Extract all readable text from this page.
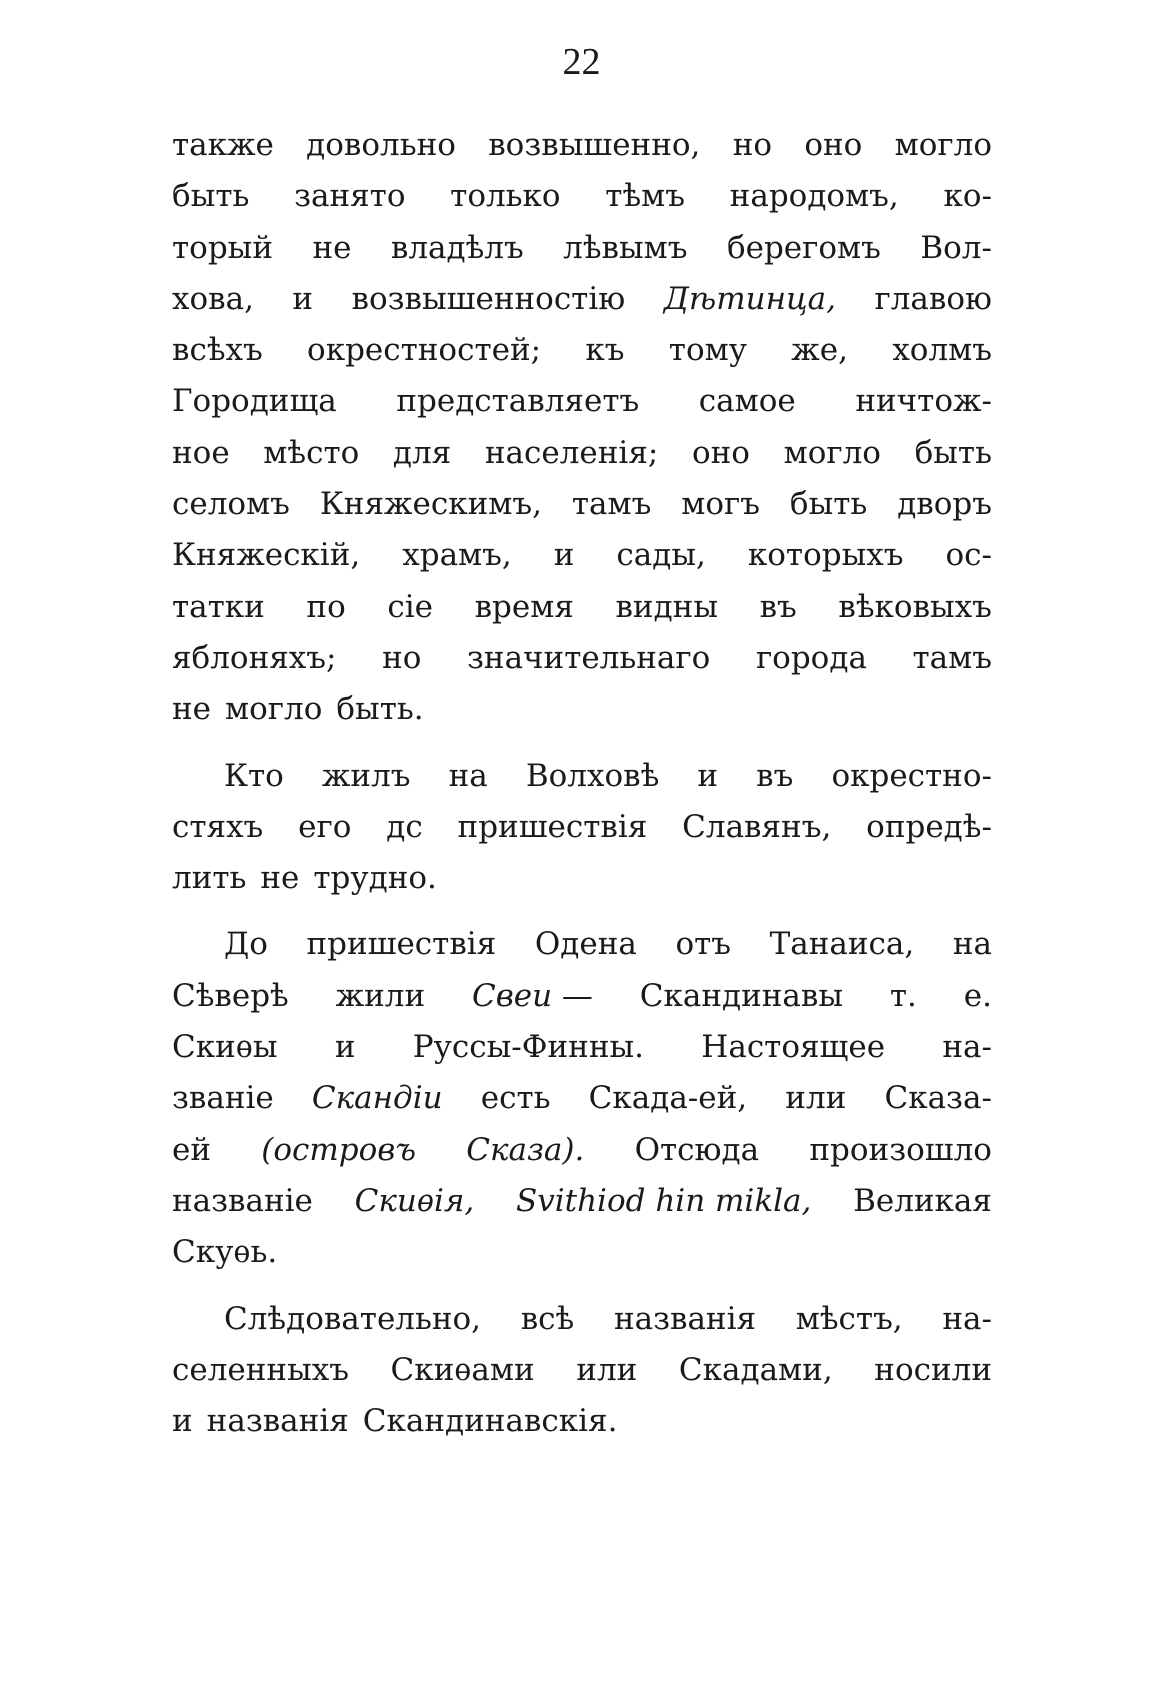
22
также довольно возвышенно, но оно могло
быть занято только тѣмъ народомъ, ко-
торый не владѣлъ лѣвымъ берегомъ Вол-
хова, и возвышенностію Дѣтинца, главою
всѣхъ окрестностей; къ тому же, холмъ
Городища представляетъ самое ничтож-
ное мѣсто для населенія; оно могло быть
селомъ Княжескимъ, тамъ могъ быть дворъ
Княжескій, храмъ, и сады, которыхъ ос-
татки по сіе время видны въ вѣковыхъ
яблоняхъ; но значительнаго города тамъ
не могло быть.
Кто жилъ на Волховѣ и въ окрестно-
стяхъ его дс пришествія Славянъ, опредѣ-
лить не трудно.
До пришествія Одена отъ Танаиса, на
Сѣверѣ жили Свеи — Скандинавы т. е.
Скиѳы и Руссы-Финны. Настоящее на-
званіе Скандіи есть Скада-ей, или Сказа-
ей (островъ Сказа). Отсюда произошло
названіе Скиѳія, Svithiod hin mikla, Великая
Скуѳь.
Слѣдовательно, всѣ названія мѣстъ, на-
селенныхъ Скиѳами или Скадами, носили
и названія Скандинавскія.
